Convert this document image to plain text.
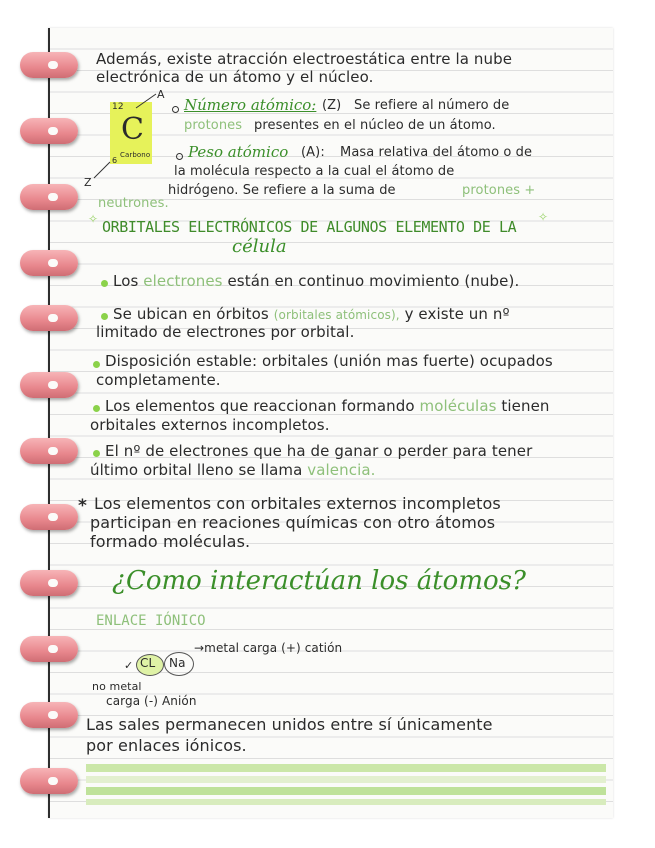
Además, existe atracción electroestática entre la nube
electrónica de un átomo y el núcleo.
12
C
Carbono
6
A
Z
Número atómico: (Z) Se refiere al número de
protones presentes en el núcleo de un átomo.
Peso atómico (A): Masa relativa del átomo o de
la molécula respecto a la cual el átomo de
hidrógeno. Se refiere a la suma de	protones +
neutrones.
✧ ORBITALES ELECTRÓNICOS DE ALGUNOS ELEMENTO DE LA
✧
célula
Los electrones están en continuo movimiento (nube).
Se ubican en órbitos (orbitales atómicos), y existe un nº
limitado de electrones por orbital.
Disposición estable: orbitales (unión mas fuerte) ocupados
completamente.
Los elementos que reaccionan formando moléculas tienen
orbitales externos incompletos.
El nº de electrones que ha de ganar o perder para tener
último orbital lleno se llama valencia.
* Los elementos con orbitales externos incompletos
participan en reaciones químicas con otro átomos
formado moléculas.
¿Como interactúan los átomos?
ENLACE IÓNICO
✓ CL Na
→metal carga (+) catión
no metal
carga (-) Anión
Las sales permanecen unidos entre sí únicamente
por enlaces iónicos.
